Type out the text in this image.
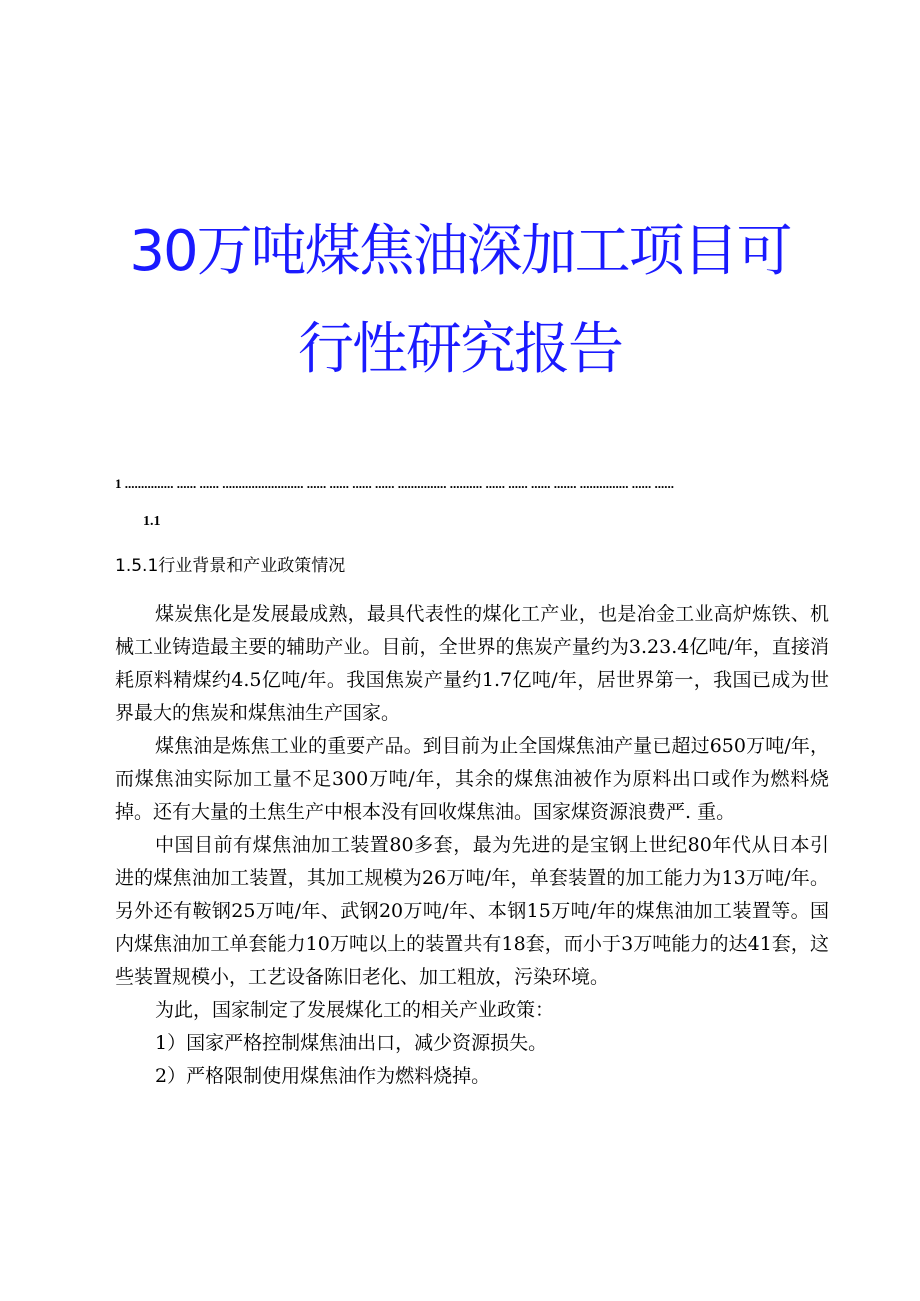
30万吨煤焦油深加工项目可
行性研究报告
1 ............... ...... ...... ......................... ...... ...... ...... ...... ............... .......... ...... ...... ...... ....... ............... ...... ......
1.1
1.5.1行业背景和产业政策情况

煤炭焦化是发展最成熟，最具代表性的煤化工产业，也是冶金工业高炉炼铁、机械工业铸造最主要的辅助产业。目前，全世界的焦炭产量约为3.23.4亿吨/年，直接消耗原料精煤约4.5亿吨/年。我国焦炭产量约1.7亿吨/年，居世界第一，我国已成为世界最大的焦炭和煤焦油生产国家。

煤焦油是炼焦工业的重要产品。到目前为止全国煤焦油产量已超过650万吨/年，而煤焦油实际加工量不足300万吨/年，其余的煤焦油被作为原料出口或作为燃料烧掉。还有大量的土焦生产中根本没有回收煤焦油。国家煤资源浪费严. 重。

中国目前有煤焦油加工装置80多套，最为先进的是宝钢上世纪80年代从日本引进的煤焦油加工装置，其加工规模为26万吨/年，单套装置的加工能力为13万吨/年。另外还有鞍钢25万吨/年、武钢20万吨/年、本钢15万吨/年的煤焦油加工装置等。国内煤焦油加工单套能力10万吨以上的装置共有18套，而小于3万吨能力的达41套，这些装置规模小，工艺设备陈旧老化、加工粗放，污染环境。

为此，国家制定了发展煤化工的相关产业政策：

1）国家严格控制煤焦油出口，减少资源损失。

2）严格限制使用煤焦油作为燃料烧掉。
